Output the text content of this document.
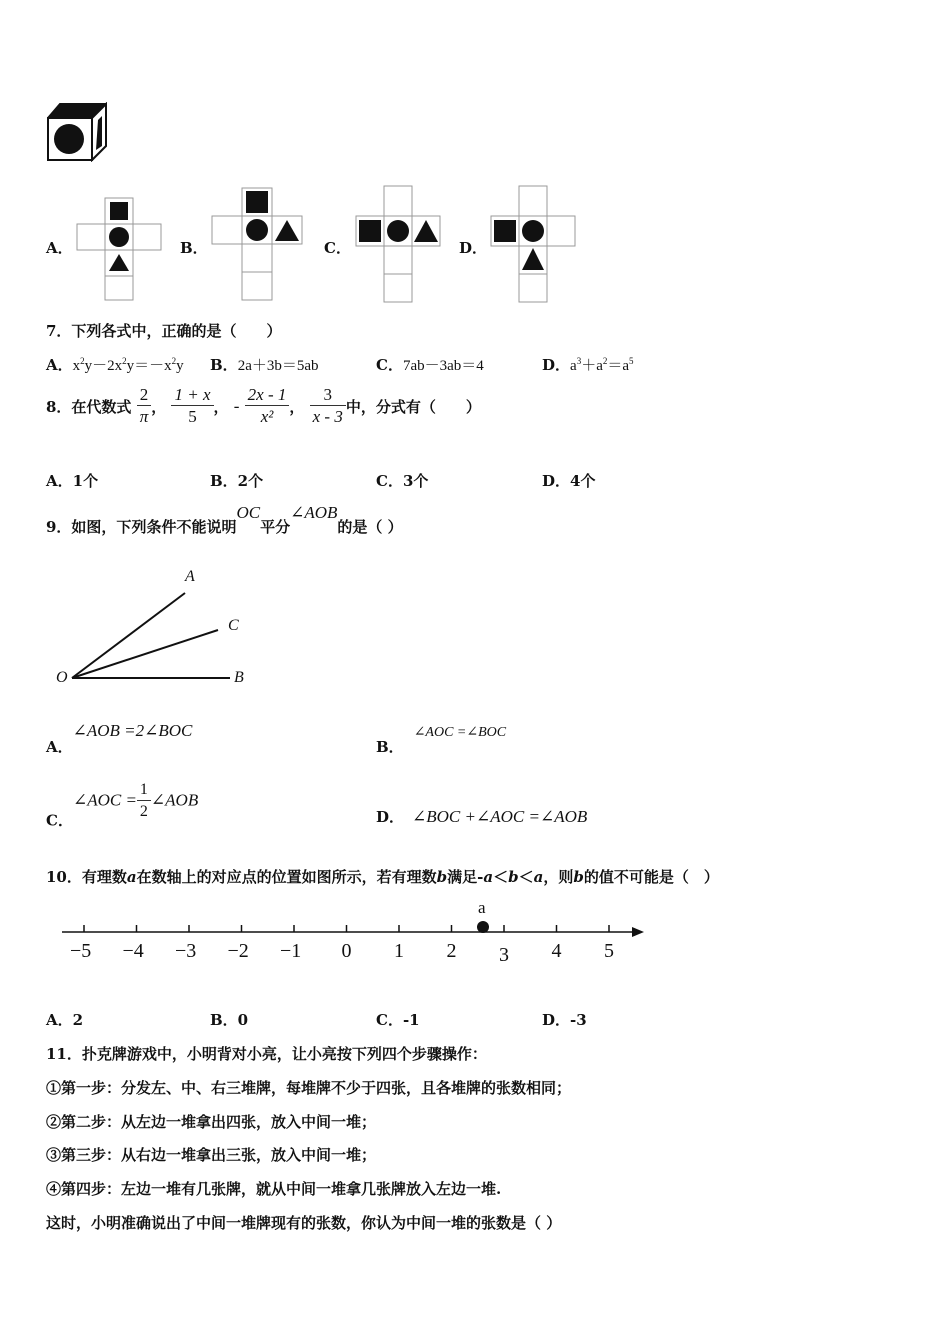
A．	B．	C．	D．
7．下列各式中，正确的是（　　）
A．$x^2y-2x^2y=-x^2y$ B．2a＋3b＝5ab	C．7ab－3ab＝4	D．$a^3+a^2=a^5$
8．在代数式 $\frac{2}{\pi}$ ， $\frac{1 + x}{5}$ ， - $\frac{2x - 1}{\text{x²}}$ ， $\frac{3}{x - 3}$ 中，分式有（　　）
A．1个	B．2个	C．3个	D．4个
9．如图，下列条件不能说明OC平分∠AOB的是（ ）
A
C
O	B
A．∠AOB =2∠BOC
B．∠AOC =∠BOC
C．∠AOC = $\frac{1}{2}$ ∠AOB
D． ∠BOC +∠AOC =∠AOB
10．有理数a在数轴上的对应点的位置如图所示，若有理数b满足-a＜b＜a，则b的值不可能是（　）
a
−5 −4 −3 −2 −1 0 1 2 3 4 5
A．2	B．0	C．-1	D．-3
11．扑克牌游戏中，小明背对小亮，让小亮按下列四个步骤操作：
①第一步：分发左、中、右三堆牌，每堆牌不少于四张，且各堆牌的张数相同；
②第二步：从左边一堆拿出四张，放入中间一堆；
③第三步：从右边一堆拿出三张，放入中间一堆；
④第四步：左边一堆有几张牌，就从中间一堆拿几张牌放入左边一堆.
这时，小明准确说出了中间一堆牌现有的张数，你认为中间一堆的张数是（ ）
